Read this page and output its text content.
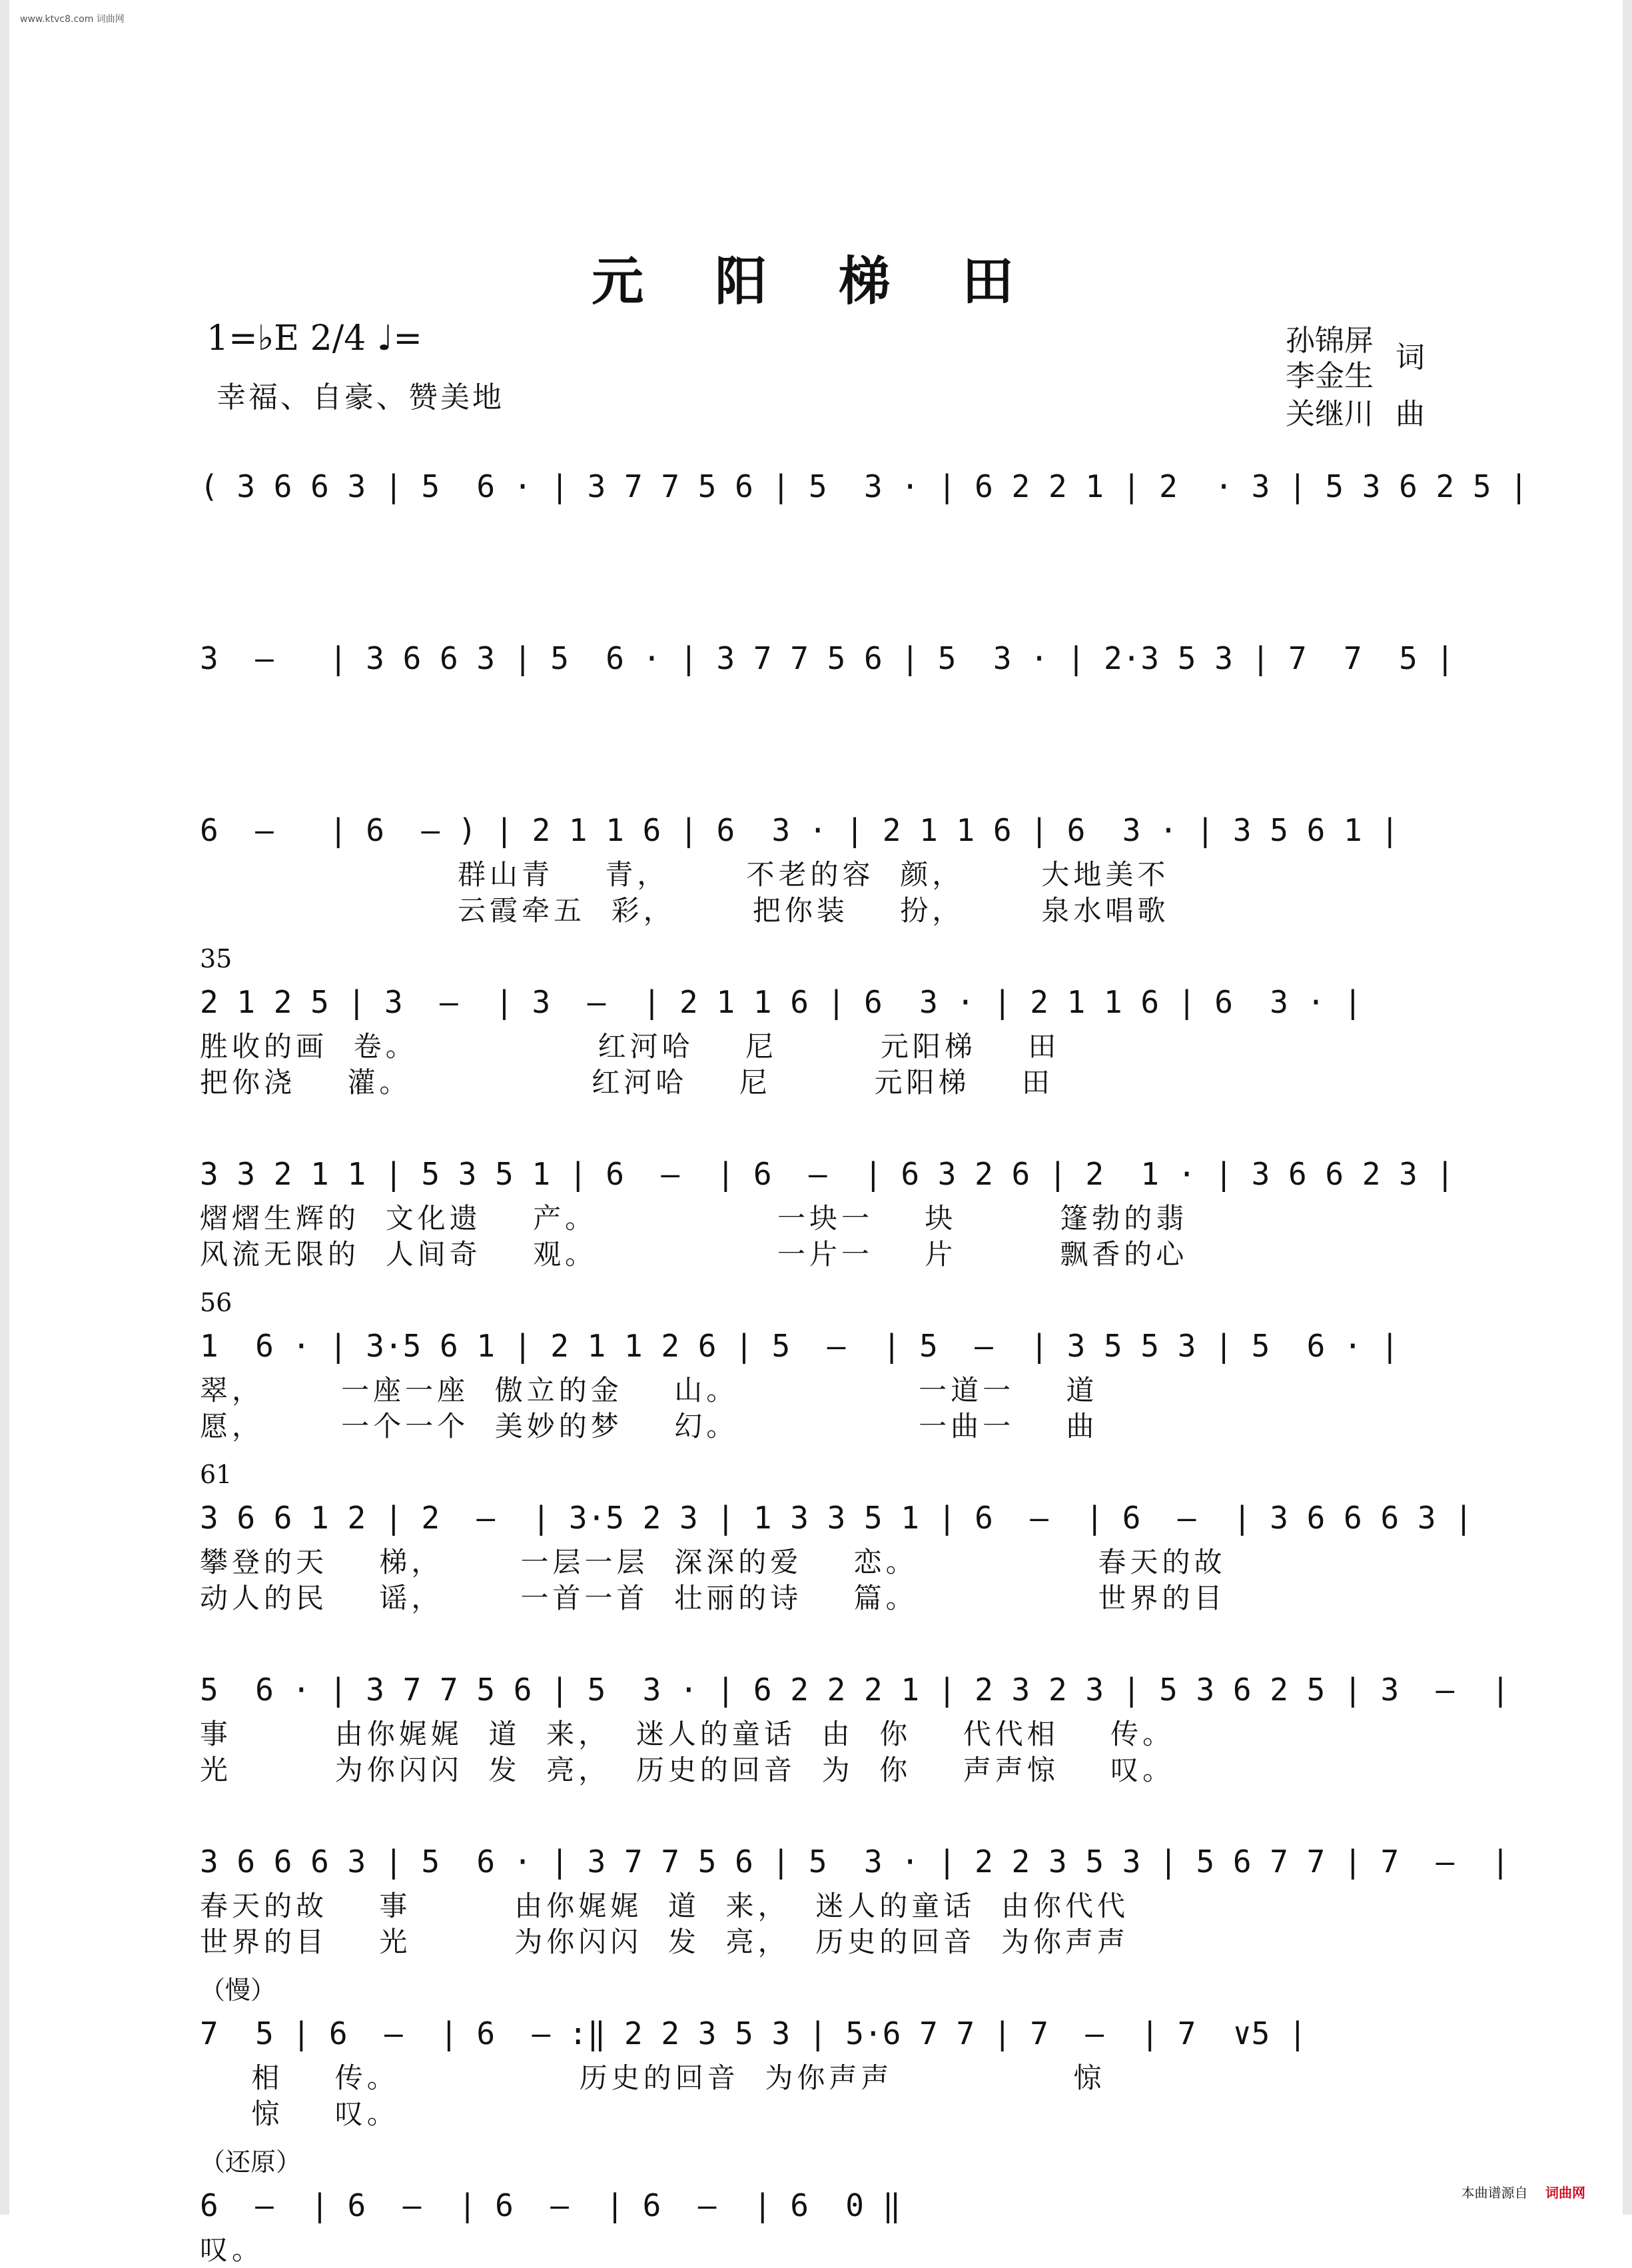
www.ktvc8.com 词曲网
元 阳 梯 田
1=♭E 2/4 ♩=
幸福、自豪、赞美地
孙锦屏
李金生
词
关继川 曲
( 3 6 6 3 | 5  6 · | 3 7 7 5 6 | 5  3 · | 6 2 2 1 | 2  · 3 | 5 3 6 2 5 |
3  —   | 3 6 6 3 | 5  6 · | 3 7 7 5 6 | 5  3 · | 2·3 5 3 | 7  7  5 |
6  —   | 6  — ) | 2 1 1 6 | 6  3 · | 2 1 1 6 | 6  3 · | 3 5 6 1 |
群山青    青，      不老的容  颜，      大地美不
云霞牵五  彩，      把你装    扮，      泉水唱歌
35
2 1 2 5 | 3  —  | 3  —  | 2 1 1 6 | 6  3 · | 2 1 1 6 | 6  3 · |
胜收的画  卷。              红河哈    尼        元阳梯    田
把你浇    灌。              红河哈    尼        元阳梯    田
3 3 2 1 1 | 5 3 5 1 | 6  —  | 6  —  | 6 3 2 6 | 2  1 · | 3 6 6 2 3 |
熠熠生辉的  文化遗    产。              一块一    块        篷勃的翡
风流无限的  人间奇    观。              一片一    片        飘香的心
56
1  6 · | 3·5 6 1 | 2 1 1 2 6 | 5  —  | 5  —  | 3 5 5 3 | 5  6 · |
翠，      一座一座  傲立的金    山。              一道一    道
愿，      一个一个  美妙的梦    幻。              一曲一    曲
61
3 6 6 1 2 | 2  —  | 3·5 2 3 | 1 3 3 5 1 | 6  —  | 6  —  | 3 6 6 6 3 |
攀登的天    梯，      一层一层  深深的爱    恋。              春天的故
动人的民    谣，      一首一首  壮丽的诗    篇。              世界的目
5  6 · | 3 7 7 5 6 | 5  3 · | 6 2 2 2 1 | 2 3 2 3 | 5 3 6 2 5 | 3  —  |
事        由你娓娓  道  来，  迷人的童话  由  你    代代相    传。
光        为你闪闪  发  亮，  历史的回音  为  你    声声惊    叹。
3 6 6 6 3 | 5  6 · | 3 7 7 5 6 | 5  3 · | 2 2 3 5 3 | 5 6 7 7 | 7  —  |
春天的故    事        由你娓娓  道  来，  迷人的童话  由你代代
世界的目    光        为你闪闪  发  亮，  历史的回音  为你声声
（慢）
7  5 | 6  —  | 6  — :‖ 2 2 3 5 3 | 5·6 7 7 | 7  —  | 7  ∨5 |
相    传。              历史的回音  为你声声              惊
惊    叹。
（还原）
6  —  | 6  —  | 6  —  | 6  —  | 6  0 ‖
叹。
本曲谱源自 词曲网
